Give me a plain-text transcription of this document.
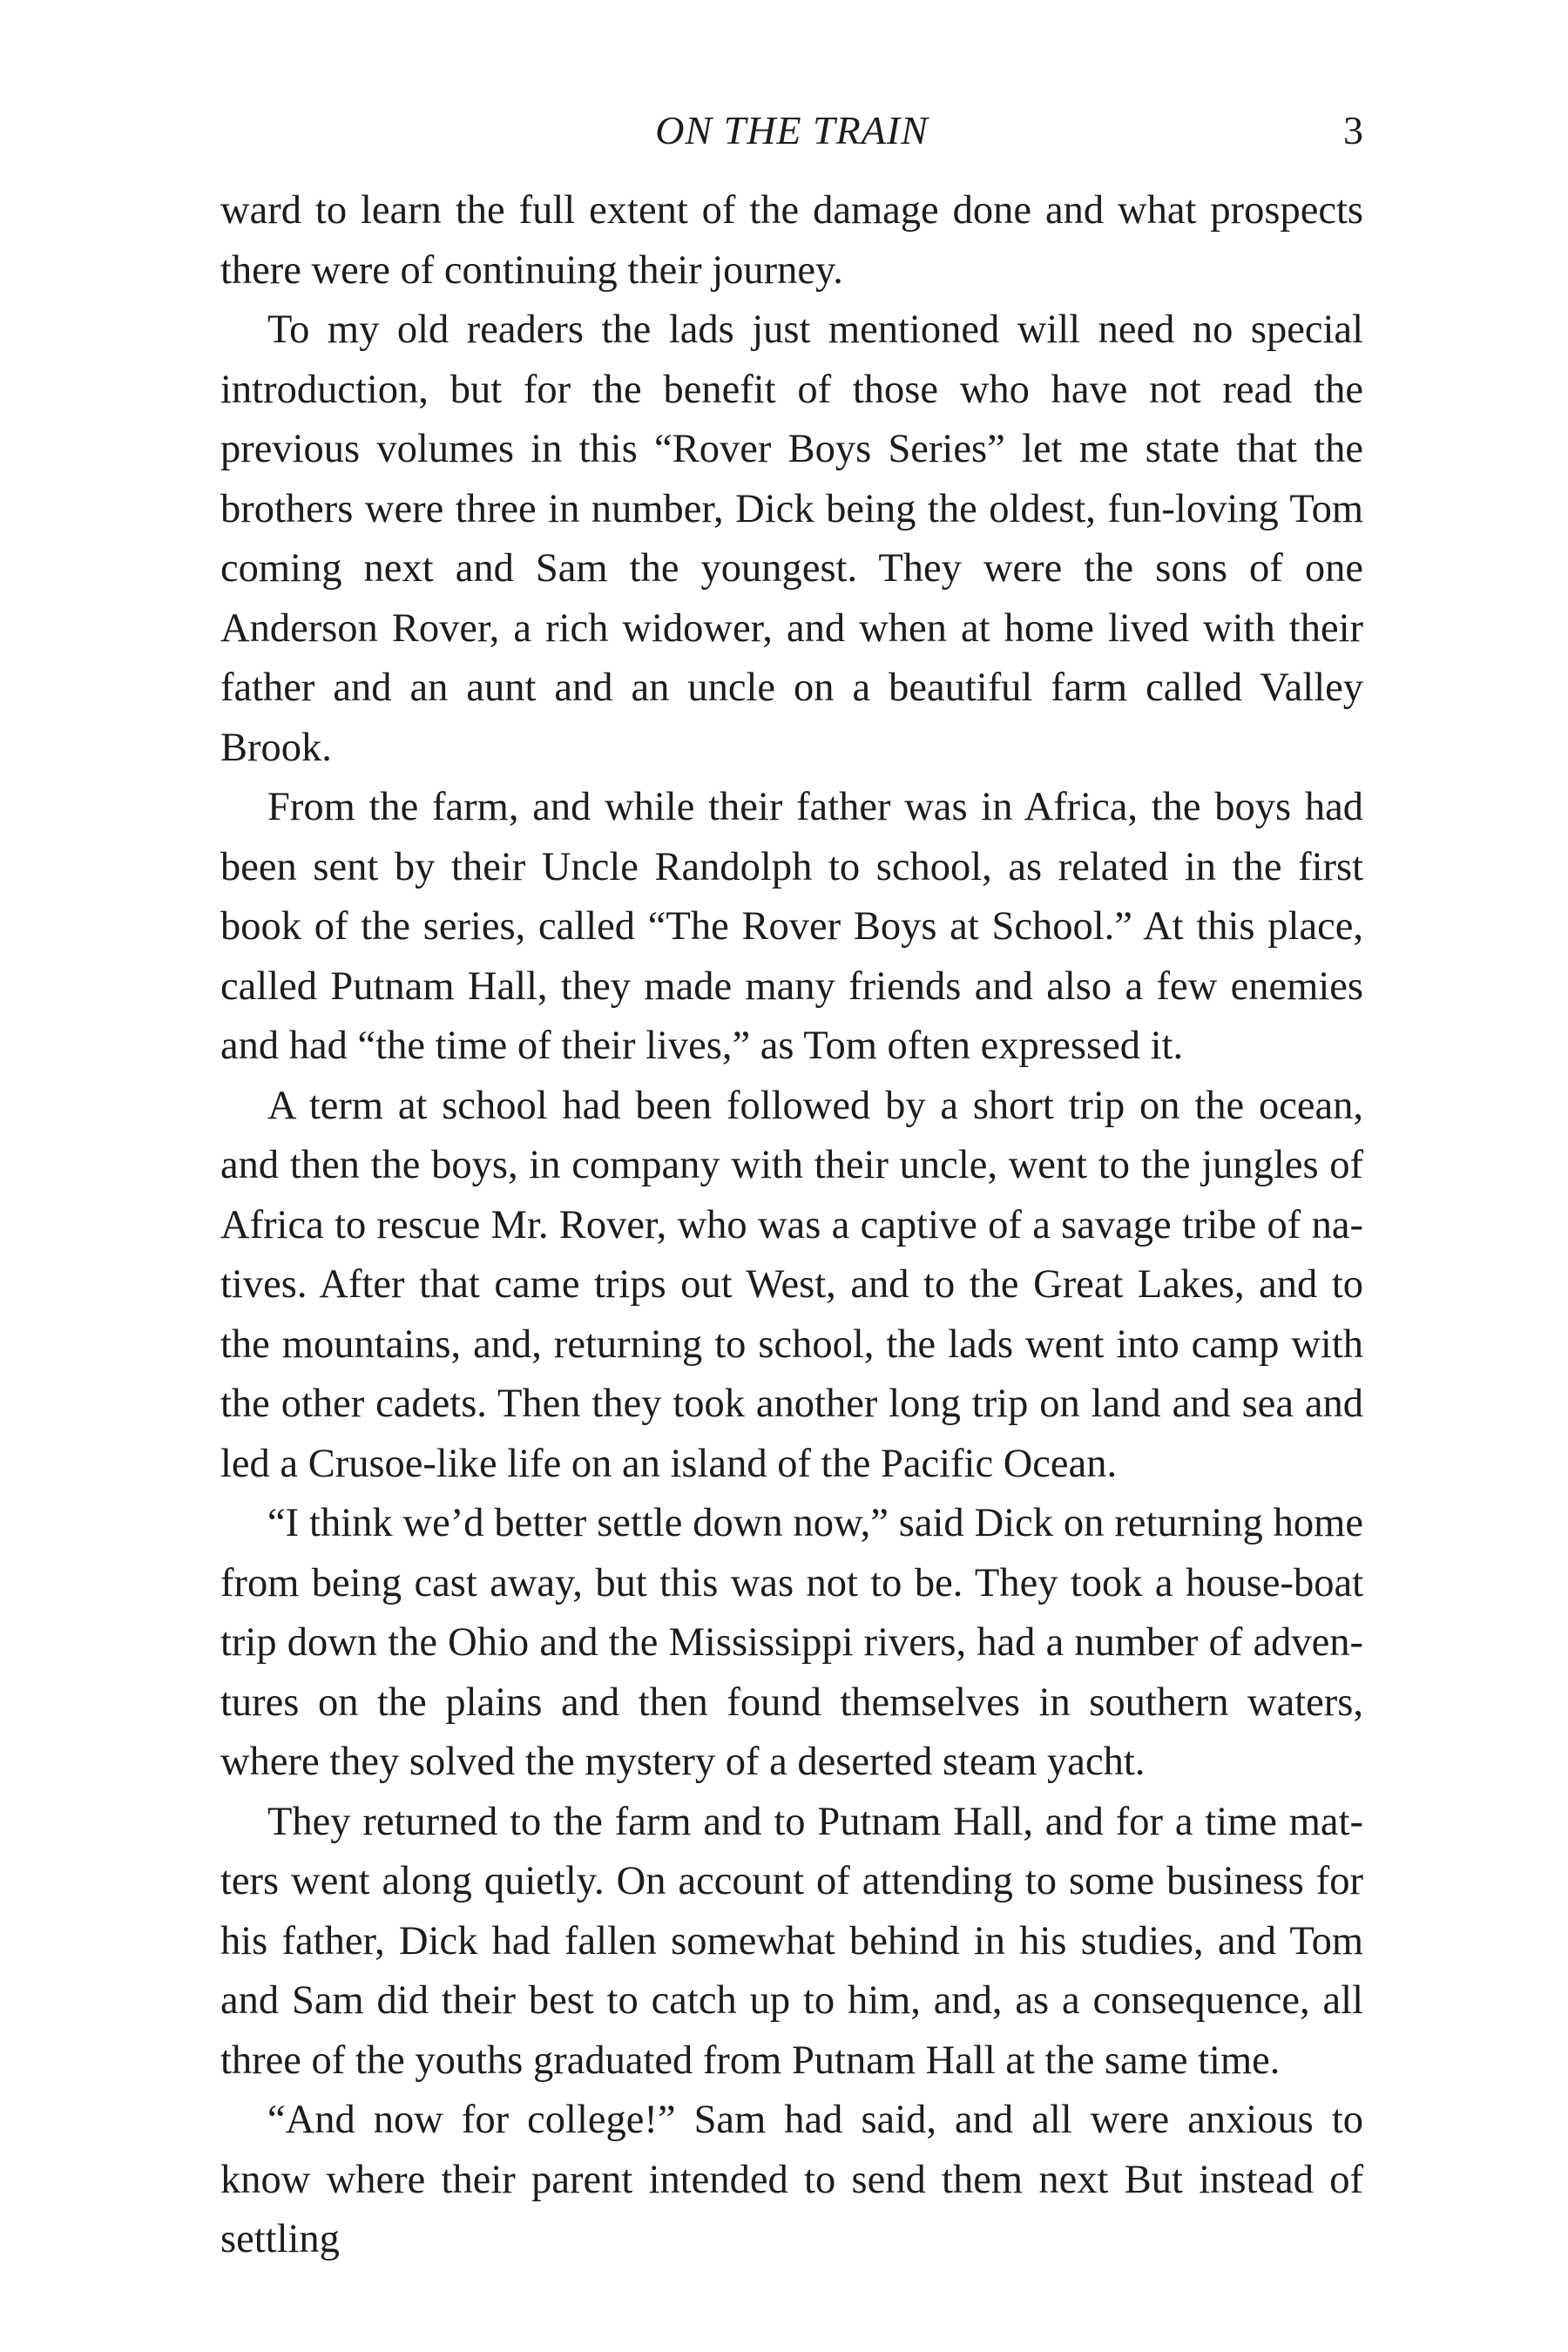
ON THE TRAIN	3

ward to learn the full extent of the damage done and what prospects there were of continuing their journey.

To my old readers the lads just mentioned will need no special introduction, but for the benefit of those who have not read the previous volumes in this “Rover Boys Series” let me state that the brothers were three in number, Dick being the oldest, fun-loving Tom coming next and Sam the youngest. They were the sons of one Anderson Rover, a rich widower, and when at home lived with their father and an aunt and an uncle on a beautiful farm called Valley Brook.

From the farm, and while their father was in Africa, the boys had been sent by their Uncle Randolph to school, as related in the first book of the series, called “The Rover Boys at School.” At this place, called Putnam Hall, they made many friends and also a few enemies and had “the time of their lives,” as Tom often expressed it.

A term at school had been followed by a short trip on the ocean, and then the boys, in company with their uncle, went to the jungles of Africa to rescue Mr. Rover, who was a captive of a savage tribe of natives. After that came trips out West, and to the Great Lakes, and to the mountains, and, returning to school, the lads went into camp with the other cadets. Then they took another long trip on land and sea and led a Crusoe-like life on an island of the Pacific Ocean.

“I think we’d better settle down now,” said Dick on returning home from being cast away, but this was not to be. They took a house-boat trip down the Ohio and the Mississippi rivers, had a number of adventures on the plains and then found themselves in southern waters, where they solved the mystery of a deserted steam yacht.

They returned to the farm and to Putnam Hall, and for a time matters went along quietly. On account of attending to some business for his father, Dick had fallen somewhat behind in his studies, and Tom and Sam did their best to catch up to him, and, as a consequence, all three of the youths graduated from Putnam Hall at the same time.

“And now for college!” Sam had said, and all were anxious to know where their parent intended to send them next But instead of settling
